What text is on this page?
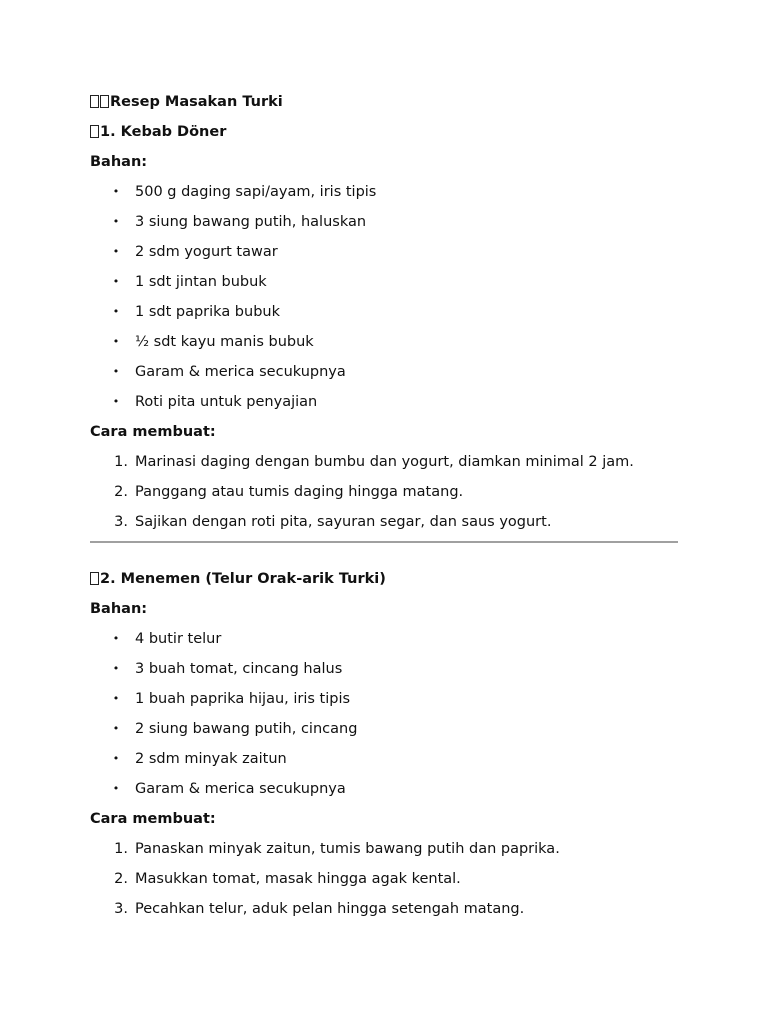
Resep Masakan Turki
1. Kebab Döner
Bahan:
• 500 g daging sapi/ayam, iris tipis
• 3 siung bawang putih, haluskan
• 2 sdm yogurt tawar
• 1 sdt jintan bubuk
• 1 sdt paprika bubuk
• ½ sdt kayu manis bubuk
• Garam & merica secukupnya
• Roti pita untuk penyajian
Cara membuat:
1. Marinasi daging dengan bumbu dan yogurt, diamkan minimal 2 jam.
2. Panggang atau tumis daging hingga matang.
3. Sajikan dengan roti pita, sayuran segar, dan saus yogurt.
2. Menemen (Telur Orak-arik Turki)
Bahan:
• 4 butir telur
• 3 buah tomat, cincang halus
• 1 buah paprika hijau, iris tipis
• 2 siung bawang putih, cincang
• 2 sdm minyak zaitun
• Garam & merica secukupnya
Cara membuat:
1. Panaskan minyak zaitun, tumis bawang putih dan paprika.
2. Masukkan tomat, masak hingga agak kental.
3. Pecahkan telur, aduk pelan hingga setengah matang.
